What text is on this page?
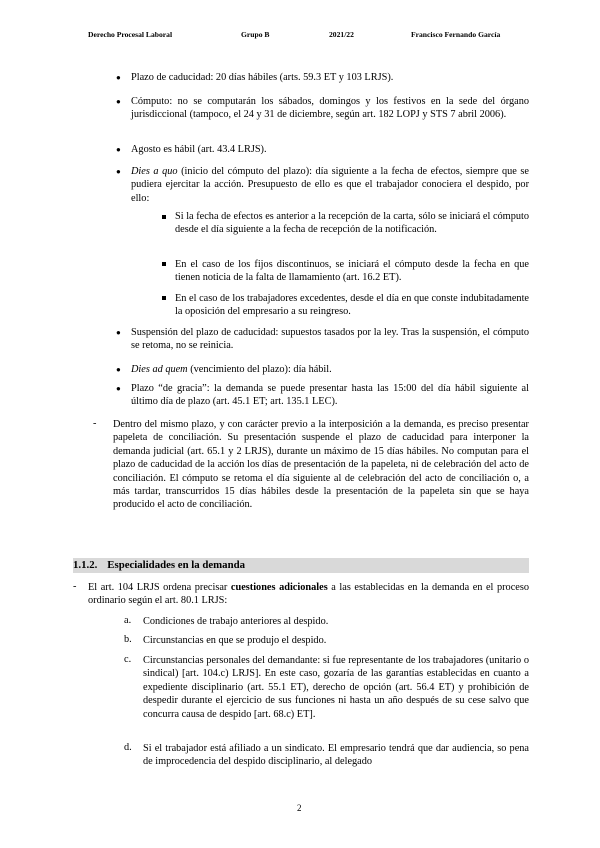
Derecho Procesal Laboral	Grupo B	2021/22	Francisco Fernando García
● Plazo de caducidad: 20 días hábiles (arts. 59.3 ET y 103 LRJS).
● Cómputo: no se computarán los sábados, domingos y los festivos en la sede del órgano jurisdiccional (tampoco, el 24 y 31 de diciembre, según art. 182 LOPJ y STS 7 abril 2006).
● Agosto es hábil (art. 43.4 LRJS).
● Dies a quo (inicio del cómputo del plazo): día siguiente a la fecha de efectos, siempre que se pudiera ejercitar la acción. Presupuesto de ello es que el trabajador conociera el despido, por ello:
Si la fecha de efectos es anterior a la recepción de la carta, sólo se iniciará el cómputo desde el día siguiente a la fecha de recepción de la notificación.
En el caso de los fijos discontinuos, se iniciará el cómputo desde la fecha en que tienen noticia de la falta de llamamiento (art. 16.2 ET).
En el caso de los trabajadores excedentes, desde el día en que conste indubitadamente la oposición del empresario a su reingreso.
● Suspensión del plazo de caducidad: supuestos tasados por la ley. Tras la suspensión, el cómputo se retoma, no se reinicia.
● Dies ad quem (vencimiento del plazo): día hábil.
● Plazo “de gracia”: la demanda se puede presentar hasta las 15:00 del día hábil siguiente al último día de plazo (art. 45.1 ET; art. 135.1 LEC).
- Dentro del mismo plazo, y con carácter previo a la interposición a la demanda, es preciso presentar papeleta de conciliación. Su presentación suspende el plazo de caducidad para interponer la demanda judicial (art. 65.1 y 2 LRJS), durante un máximo de 15 días hábiles. No computan para el plazo de caducidad de la acción los días de presentación de la papeleta, ni de celebración del acto de conciliación. El cómputo se retoma el día siguiente al de celebración del acto de conciliación o, a más tardar, transcurridos 15 días hábiles desde la presentación de la papeleta sin que se haya producido el acto de conciliación.
1.1.2. Especialidades en la demanda
- El art. 104 LRJS ordena precisar cuestiones adicionales a las establecidas en la demanda en el proceso ordinario según el art. 80.1 LRJS:
a. Condiciones de trabajo anteriores al despido.
b. Circunstancias en que se produjo el despido.
c. Circunstancias personales del demandante: si fue representante de los trabajadores (unitario o sindical) [art. 104.c) LRJS]. En este caso, gozaría de las garantías establecidas en cuanto a expediente disciplinario (art. 55.1 ET), derecho de opción (art. 56.4 ET) y prohibición de despedir durante el ejercicio de sus funciones ni hasta un año después de su cese salvo que concurra causa de despido [art. 68.c) ET].
d. Si el trabajador está afiliado a un sindicato. El empresario tendrá que dar audiencia, so pena de improcedencia del despido disciplinario, al delegado
2
